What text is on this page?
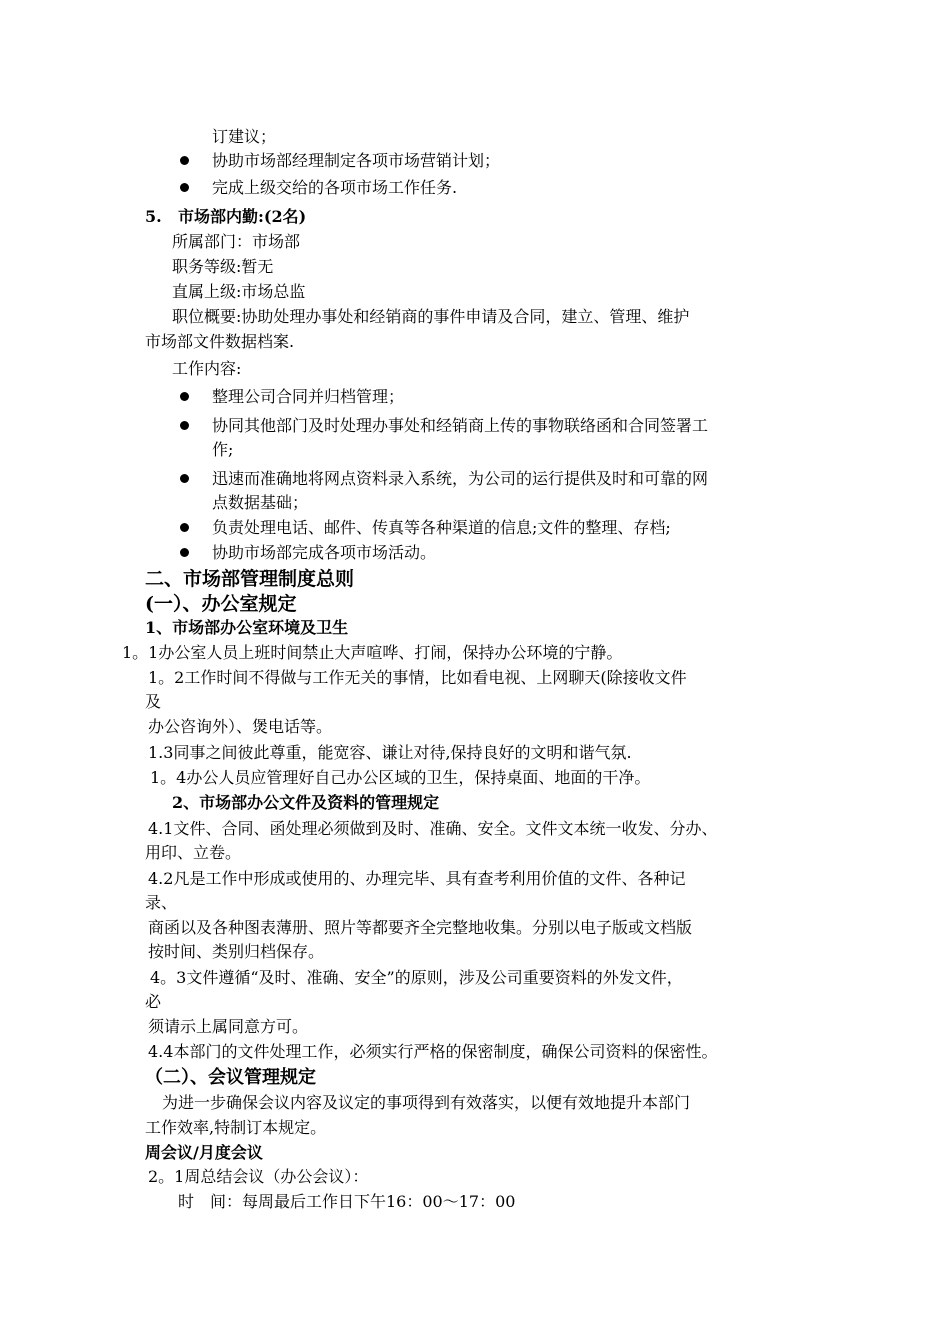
订建议；
协助市场部经理制定各项市场营销计划；
完成上级交给的各项市场工作任务.
5. 市场部内勤:(2名)
所属部门：市场部
职务等级:暂无
直属上级:市场总监
职位概要:协助处理办事处和经销商的事件申请及合同，建立、管理、维护
市场部文件数据档案.
工作内容:
整理公司合同并归档管理；
协同其他部门及时处理办事处和经销商上传的事物联络函和合同签署工
作;
迅速而准确地将网点资料录入系统，为公司的运行提供及时和可靠的网
点数据基础；
负责处理电话、邮件、传真等各种渠道的信息;文件的整理、存档;
协助市场部完成各项市场活动。
二、市场部管理制度总则
(一）、办公室规定
1、市场部办公室环境及卫生
1。1办公室人员上班时间禁止大声喧哗、打闹，保持办公环境的宁静。
1。2工作时间不得做与工作无关的事情，比如看电视、上网聊天(除接收文件
及
办公咨询外）、煲电话等。
1.3同事之间彼此尊重，能宽容、谦让对待,保持良好的文明和谐气氛.
1。4办公人员应管理好自己办公区域的卫生，保持桌面、地面的干净。
2、市场部办公文件及资料的管理规定
4.1文件、合同、函处理必须做到及时、准确、安全。文件文本统一收发、分办、
用印、立卷。
4.2凡是工作中形成或使用的、办理完毕、具有查考利用价值的文件、各种记
录、
商函以及各种图表薄册、照片等都要齐全完整地收集。分别以电子版或文档版
按时间、类别归档保存。
4。3文件遵循“及时、准确、安全”的原则，涉及公司重要资料的外发文件，
必
须请示上属同意方可。
4.4本部门的文件处理工作，必须实行严格的保密制度，确保公司资料的保密性。
（二）、会议管理规定
为进一步确保会议内容及议定的事项得到有效落实，以便有效地提升本部门
工作效率,特制订本规定。
周会议/月度会议
2。1周总结会议（办公会议）：
时　间：每周最后工作日下午16：00～17：00
